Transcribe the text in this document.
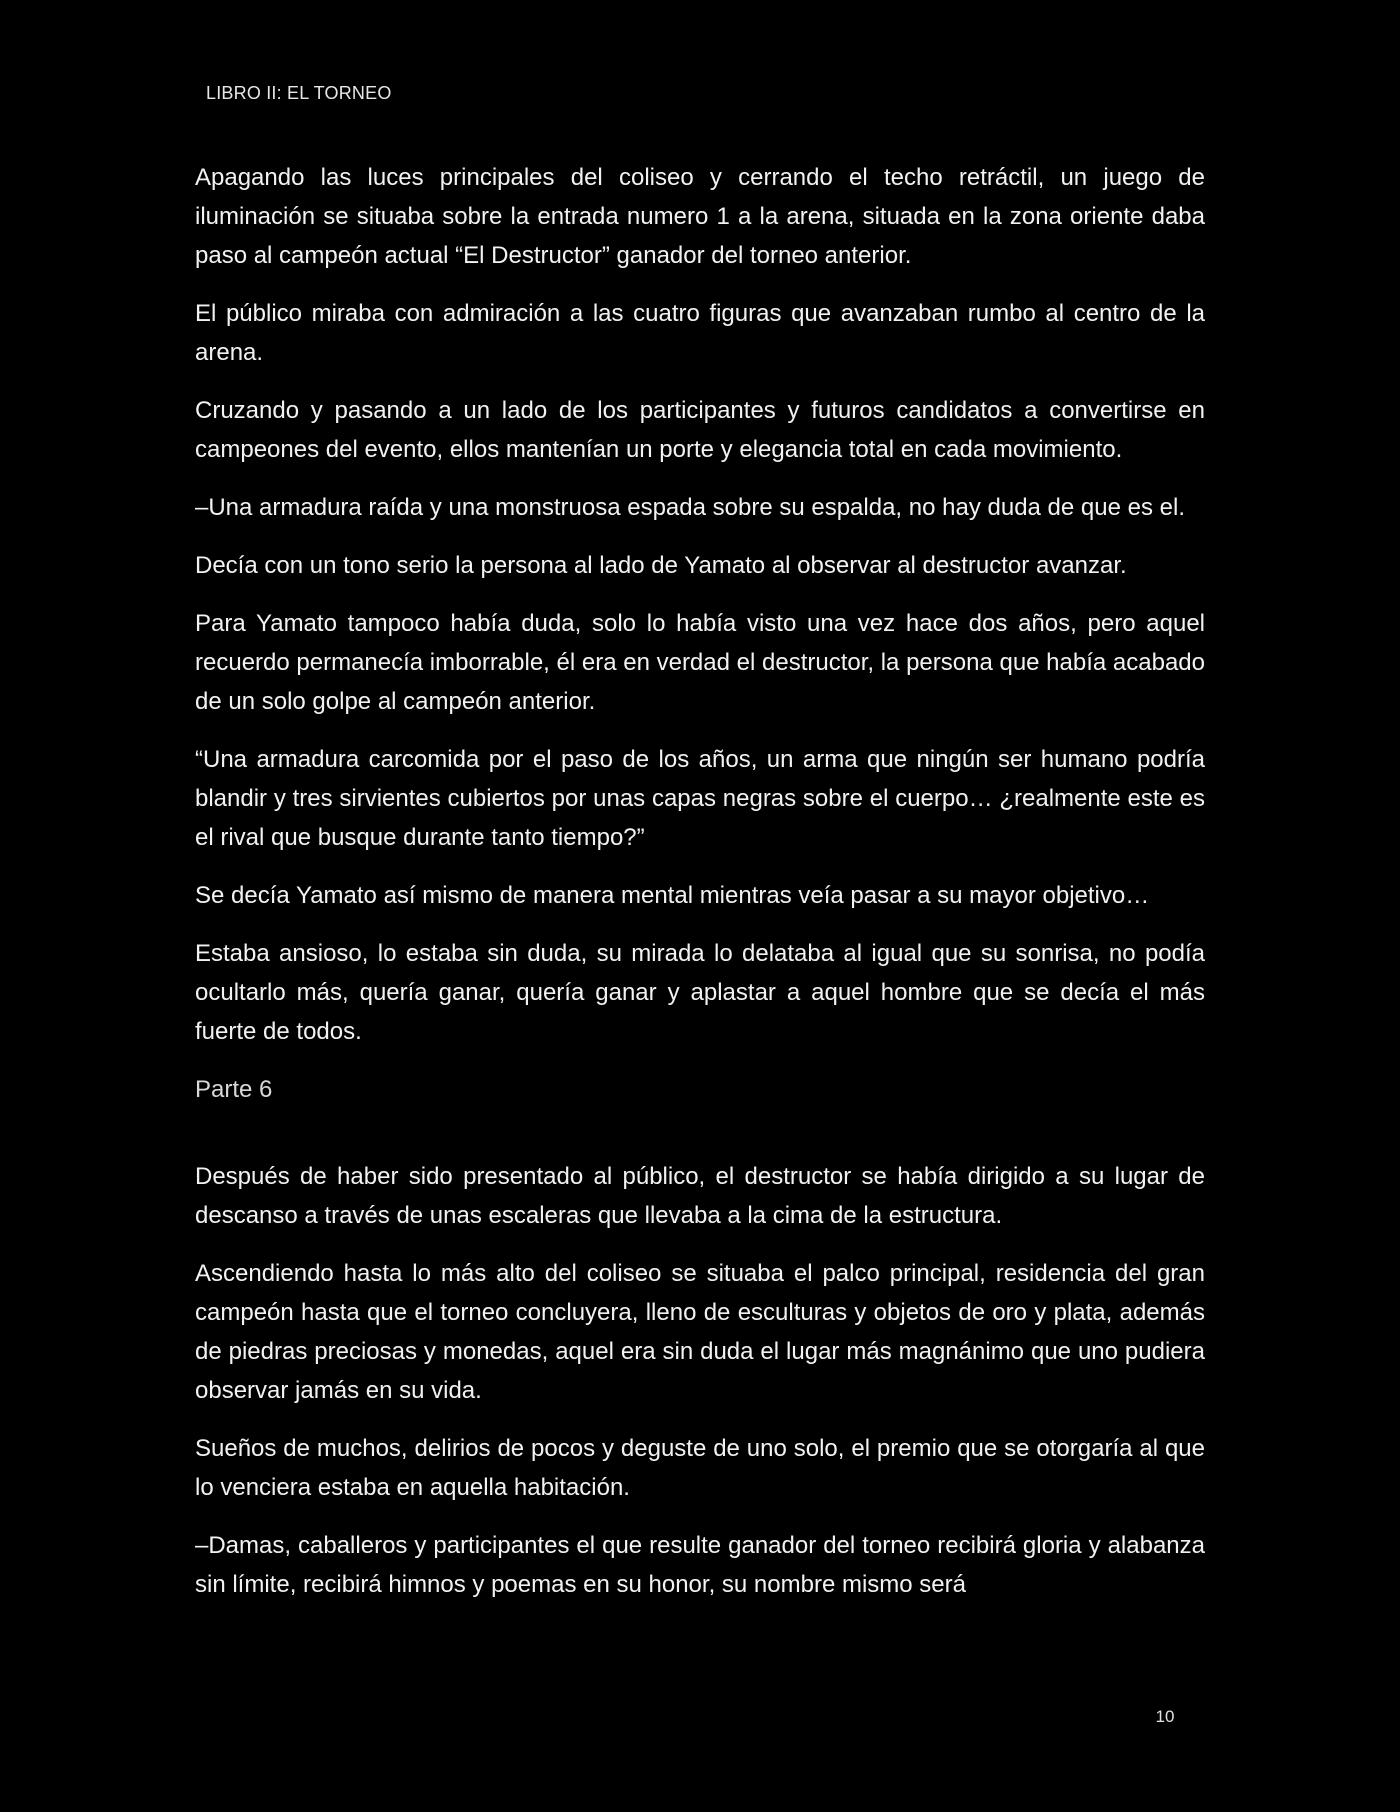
LIBRO II: EL TORNEO

Apagando las luces principales del coliseo y cerrando el techo retráctil, un juego de iluminación se situaba sobre la entrada numero 1 a la arena, situada en la zona oriente daba paso al campeón actual “El Destructor” ganador del torneo anterior.

El público miraba con admiración a las cuatro figuras que avanzaban rumbo al centro de la arena.

Cruzando y pasando a un lado de los participantes y futuros candidatos a convertirse en campeones del evento, ellos mantenían un porte y elegancia total en cada movimiento.

–Una armadura raída y una monstruosa espada sobre su espalda, no hay duda de que es el.

Decía con un tono serio la persona al lado de Yamato al observar al destructor avanzar.

Para Yamato tampoco había duda, solo lo había visto una vez hace dos años, pero aquel recuerdo permanecía imborrable, él era en verdad el destructor, la persona que había acabado de un solo golpe al campeón anterior.

“Una armadura carcomida por el paso de los años, un arma que ningún ser humano podría blandir y tres sirvientes cubiertos por unas capas negras sobre el cuerpo… ¿realmente este es el rival que busque durante tanto tiempo?”

Se decía Yamato así mismo de manera mental mientras veía pasar a su mayor objetivo…

Estaba ansioso, lo estaba sin duda, su mirada lo delataba al igual que su sonrisa, no podía ocultarlo más, quería ganar, quería ganar y aplastar a aquel hombre que se decía el más fuerte de todos.

Parte 6

Después de haber sido presentado al público, el destructor se había dirigido a su lugar de descanso a través de unas escaleras que llevaba a la cima de la estructura.

Ascendiendo hasta lo más alto del coliseo se situaba el palco principal, residencia del gran campeón hasta que el torneo concluyera, lleno de esculturas y objetos de oro y plata, además de piedras preciosas y monedas, aquel era sin duda el lugar más magnánimo que uno pudiera observar jamás en su vida.

Sueños de muchos, delirios de pocos y deguste de uno solo, el premio que se otorgaría al que lo venciera estaba en aquella habitación.

–Damas, caballeros y participantes el que resulte ganador del torneo recibirá gloria y alabanza sin límite, recibirá himnos y poemas en su honor, su nombre mismo será

10
